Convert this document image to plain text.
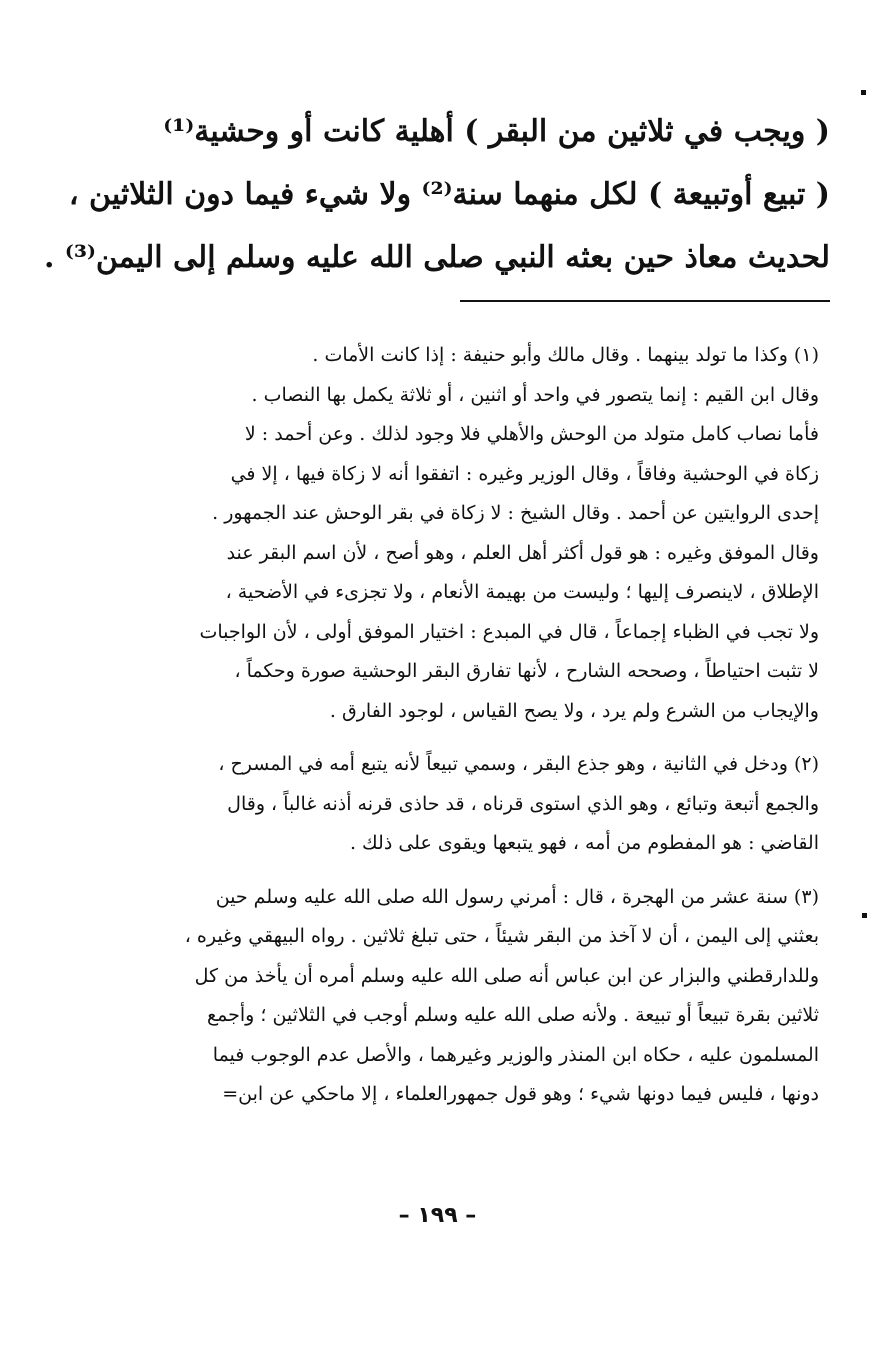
( ويجب في ثلاثين من البقر ) أهلية كانت أو وحشية⁽¹⁾

( تبيع أوتبيعة ) لكل منهما سنة⁽²⁾ ولا شيء فيما دون الثلاثين ،

لحديث معاذ حين بعثه النبي صلى الله عليه وسلم إلى اليمن⁽³⁾ .

(١) وكذا ما تولد بينهما . وقال مالك وأبو حنيفة : إذا كانت الأمات .
وقال ابن القيم : إنما يتصور في واحد أو اثنين ، أو ثلاثة يكمل بها النصاب .
فأما نصاب كامل متولد من الوحش والأهلي فلا وجود لذلك . وعن أحمد : لا
زكاة في الوحشية وفاقاً ، وقال الوزير وغيره : اتفقوا أنه لا زكاة فيها ، إلا في
إحدى الروايتين عن أحمد . وقال الشيخ : لا زكاة في بقر الوحش عند الجمهور .
وقال الموفق وغيره : هو قول أكثر أهل العلم ، وهو أصح ، لأن اسم البقر عند
الإطلاق ، لاينصرف إليها ؛ وليست من بهيمة الأنعام ، ولا تجزىء في الأضحية ،
ولا تجب في الظباء إجماعاً ، قال في المبدع : اختيار الموفق أولى ، لأن الواجبات
لا تثبت احتياطاً ، وصححه الشارح ، لأنها تفارق البقر الوحشية صورة وحكماً ،
والإيجاب من الشرع ولم يرد ، ولا يصح القياس ، لوجود الفارق .
(٢) ودخل في الثانية ، وهو جذع البقر ، وسمي تبيعاً لأنه يتبع أمه في المسرح ،
والجمع أتبعة وتبائع ، وهو الذي استوى قرناه ، قد حاذى قرنه أذنه غالباً ، وقال
القاضي : هو المفطوم من أمه ، فهو يتبعها ويقوى على ذلك .
(٣) سنة عشر من الهجرة ، قال : أمرني رسول الله صلى الله عليه وسلم حين
بعثني إلى اليمن ، أن لا آخذ من البقر شيئاً ، حتى تبلغ ثلاثين . رواه البيهقي وغيره ،
وللدارقطني والبزار عن ابن عباس أنه صلى الله عليه وسلم أمره أن يأخذ من كل
ثلاثين بقرة تبيعاً أو تبيعة . ولأنه صلى الله عليه وسلم أوجب في الثلاثين ؛ وأجمع
المسلمون عليه ، حكاه ابن المنذر والوزير وغيرهما ، والأصل عدم الوجوب فيما
دونها ، فليس فيما دونها شيء ؛ وهو قول جمهورالعلماء ، إلا ماحكي عن ابن=
– ١٩٩ –
